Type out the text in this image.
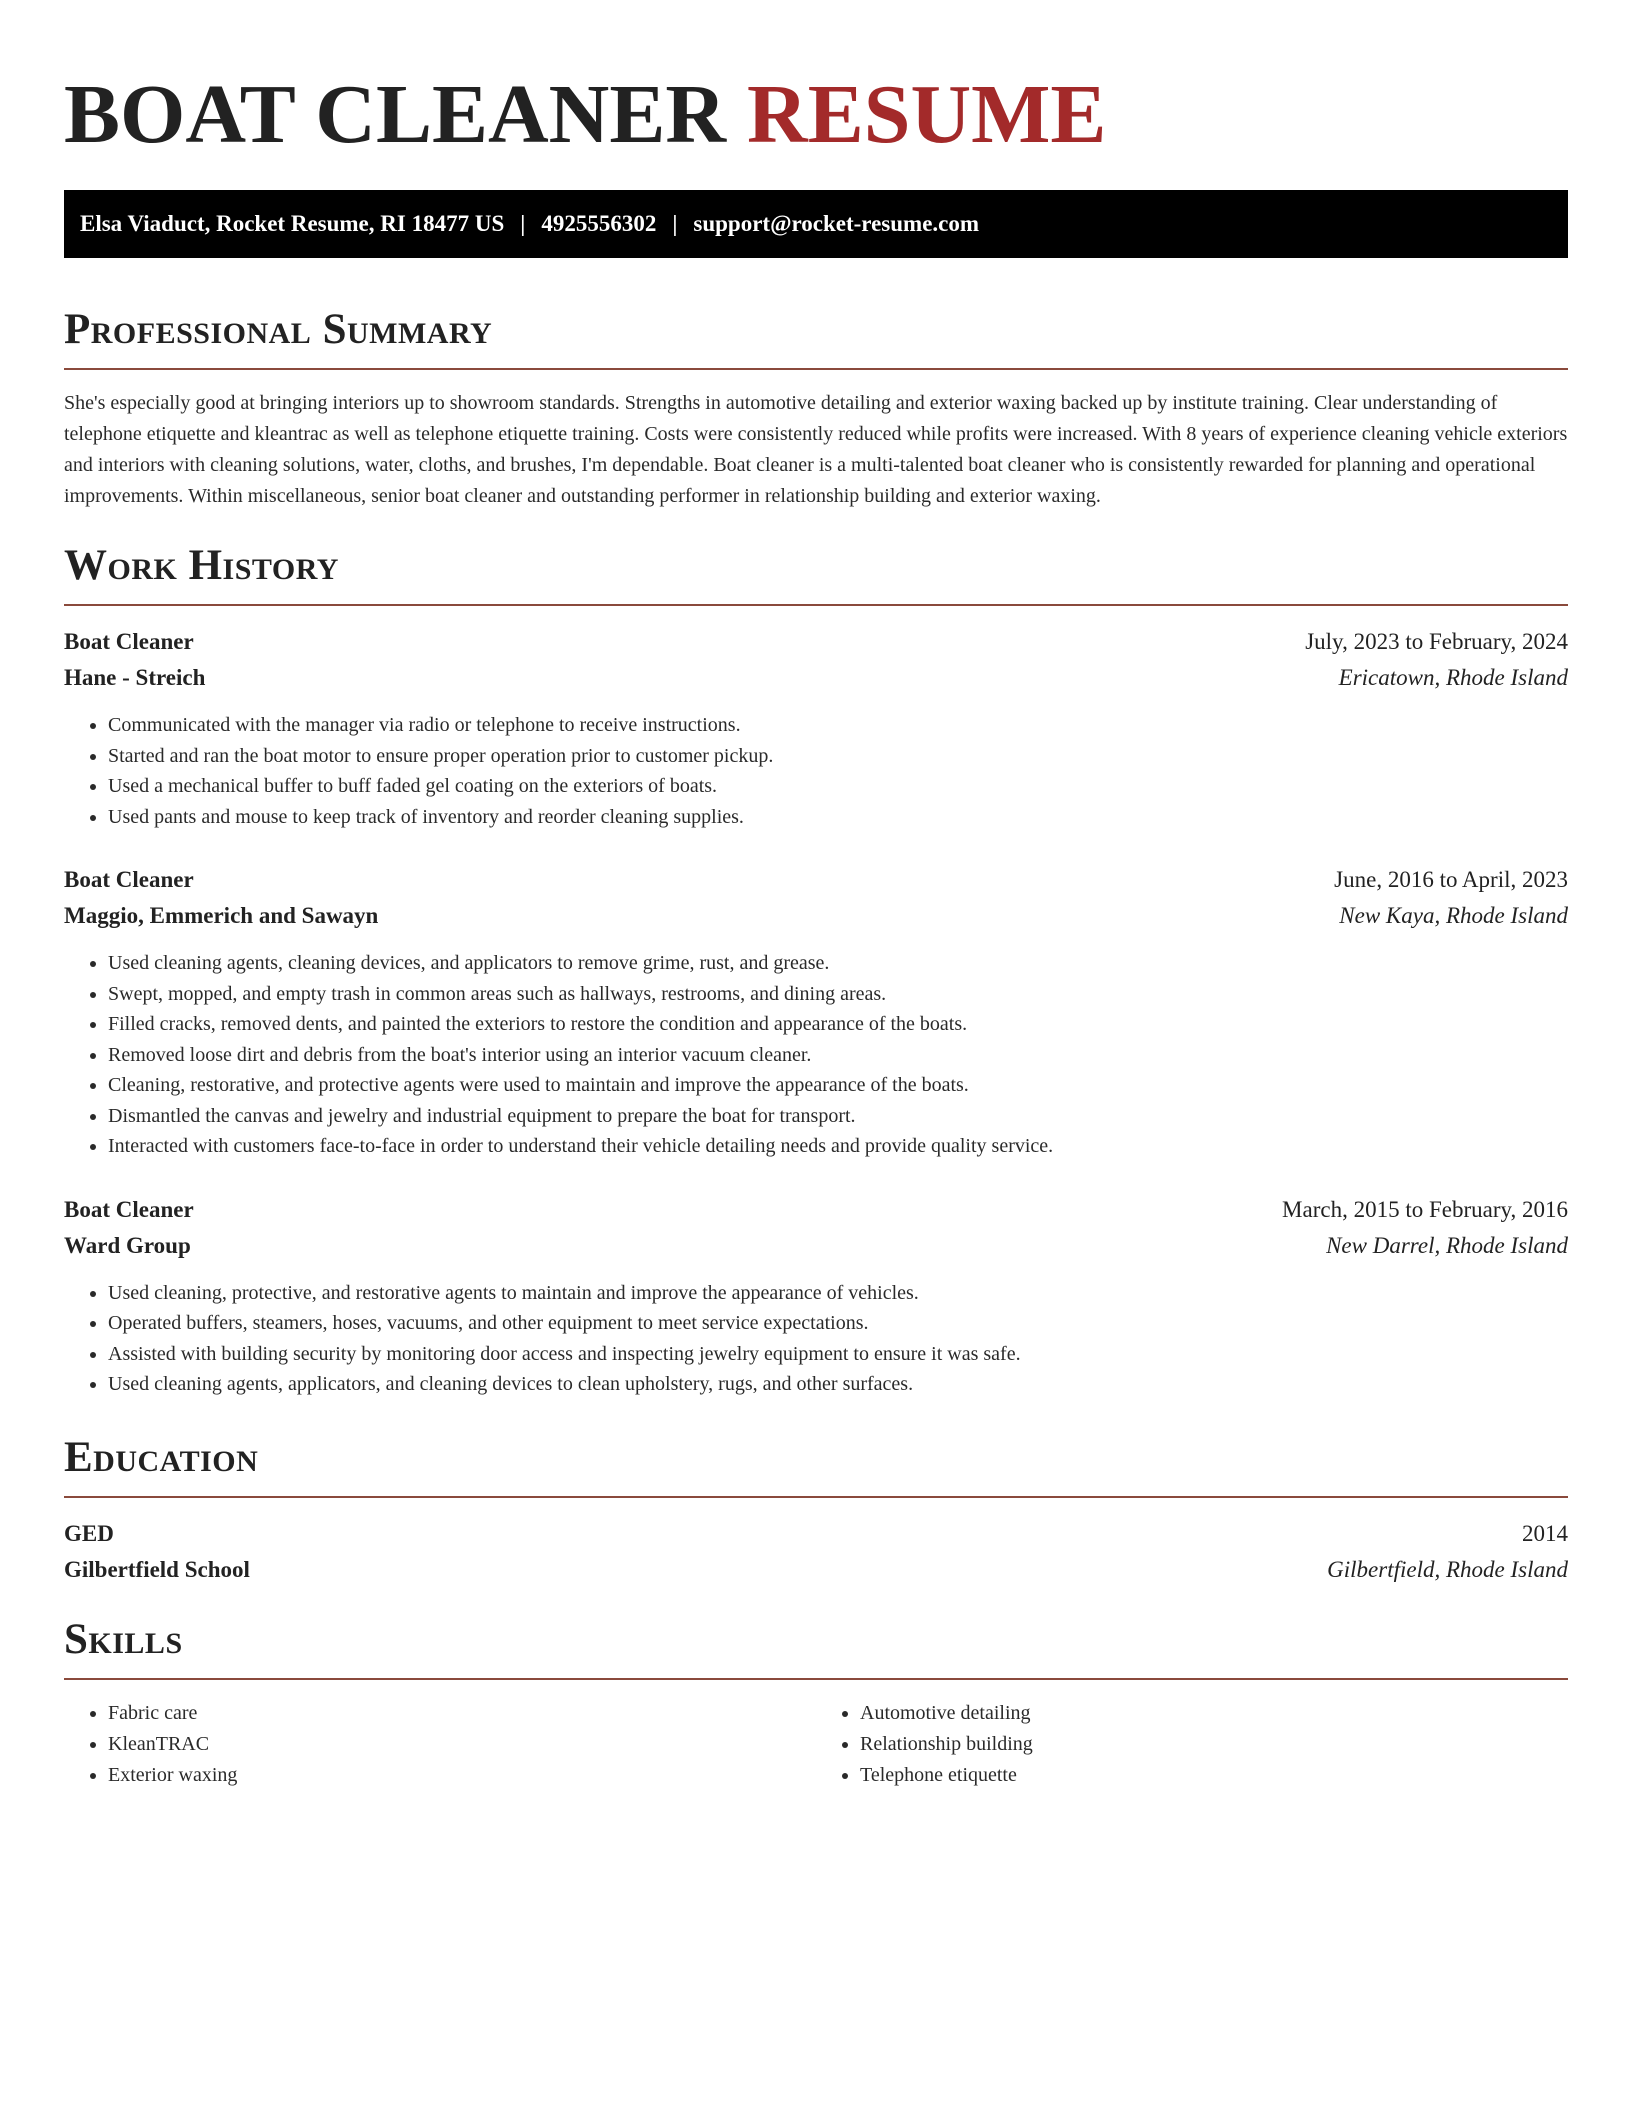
BOAT CLEANER RESUME
Elsa Viaduct, Rocket Resume, RI 18477 US | 4925556302 | support@rocket-resume.com
Professional Summary

She's especially good at bringing interiors up to showroom standards. Strengths in automotive detailing and exterior waxing backed up by institute training. Clear understanding of telephone etiquette and kleantrac as well as telephone etiquette training. Costs were consistently reduced while profits were increased. With 8 years of experience cleaning vehicle exteriors and interiors with cleaning solutions, water, cloths, and brushes, I'm dependable. Boat cleaner is a multi-talented boat cleaner who is consistently rewarded for planning and operational improvements. Within miscellaneous, senior boat cleaner and outstanding performer in relationship building and exterior waxing.

Work History
Boat Cleaner	July, 2023 to February, 2024
Hane - Streich	Ericatown, Rhode Island
• Communicated with the manager via radio or telephone to receive instructions.
• Started and ran the boat motor to ensure proper operation prior to customer pickup.
• Used a mechanical buffer to buff faded gel coating on the exteriors of boats.
• Used pants and mouse to keep track of inventory and reorder cleaning supplies.
Boat Cleaner	June, 2016 to April, 2023
Maggio, Emmerich and Sawayn	New Kaya, Rhode Island
• Used cleaning agents, cleaning devices, and applicators to remove grime, rust, and grease.
• Swept, mopped, and empty trash in common areas such as hallways, restrooms, and dining areas.
• Filled cracks, removed dents, and painted the exteriors to restore the condition and appearance of the boats.
• Removed loose dirt and debris from the boat's interior using an interior vacuum cleaner.
• Cleaning, restorative, and protective agents were used to maintain and improve the appearance of the boats.
• Dismantled the canvas and jewelry and industrial equipment to prepare the boat for transport.
• Interacted with customers face-to-face in order to understand their vehicle detailing needs and provide quality service.
Boat Cleaner	March, 2015 to February, 2016
Ward Group	New Darrel, Rhode Island
• Used cleaning, protective, and restorative agents to maintain and improve the appearance of vehicles.
• Operated buffers, steamers, hoses, vacuums, and other equipment to meet service expectations.
• Assisted with building security by monitoring door access and inspecting jewelry equipment to ensure it was safe.
• Used cleaning agents, applicators, and cleaning devices to clean upholstery, rugs, and other surfaces.
Education
GED	2014
Gilbertfield School	Gilbertfield, Rhode Island
Skills
• Fabric care
• KleanTRAC
• Exterior waxing
• Automotive detailing
• Relationship building
• Telephone etiquette
